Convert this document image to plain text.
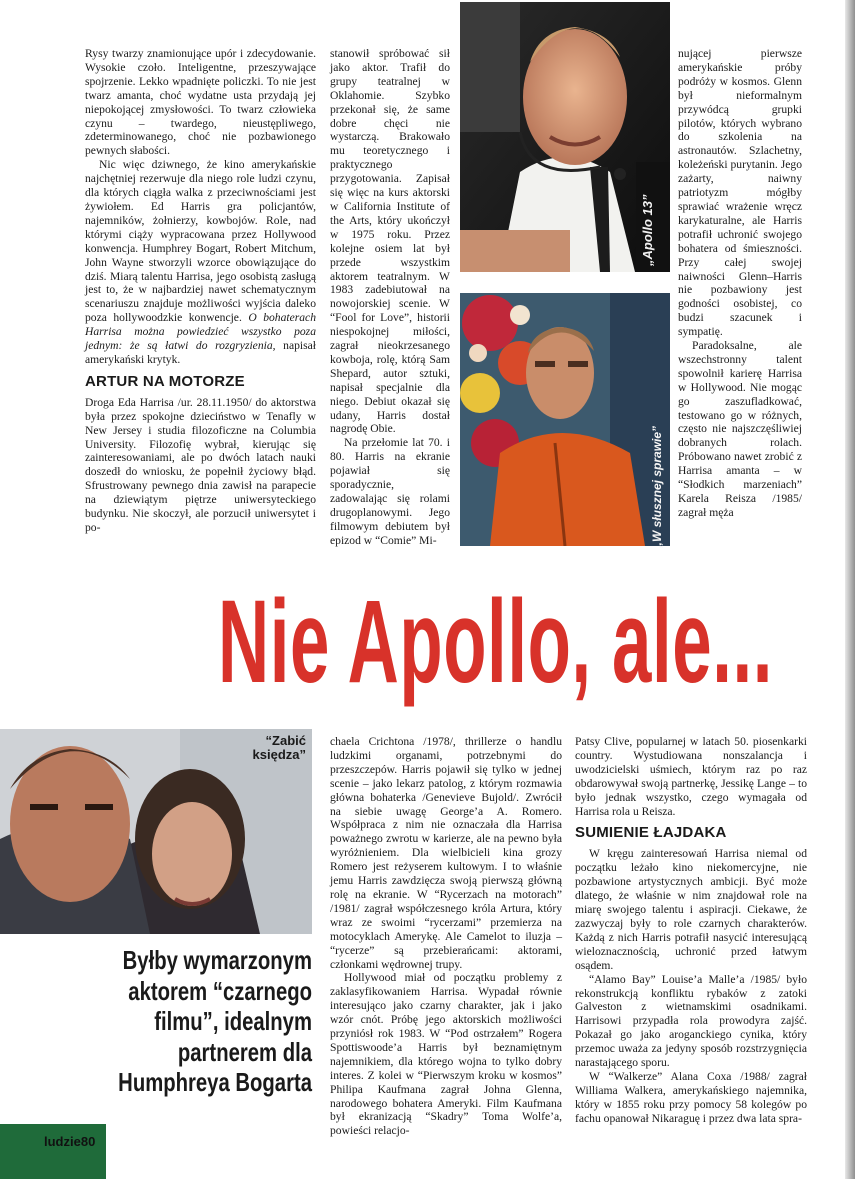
Rysy twarzy znamionujące upór i zdecydowanie. Wysokie czoło. Inteligentne, przeszywające spojrzenie. Lekko wpadnięte policzki. To nie jest twarz amanta, choć wydatne usta przydają jej niepokojącej zmysłowości. To twarz człowieka czynu – twardego, nieustępliwego, zdeterminowanego, choć nie pozbawionego pewnych słabości.

Nic więc dziwnego, że kino amerykańskie najchętniej rezerwuje dla niego role ludzi czynu, dla których ciągła walka z przeciwnościami jest żywiołem. Ed Harris gra policjantów, najemników, żołnierzy, kowbojów. Role, nad którymi ciąży wypracowana przez Hollywood konwencja. Humphrey Bogart, Robert Mitchum, John Wayne stworzyli wzorce obowiązujące do dziś. Miarą talentu Harrisa, jego osobistą zasługą jest to, że w najbardziej nawet schematycznym scenariuszu znajduje możliwości wyjścia daleko poza hollywoodzkie konwencje. O bohaterach Harrisa można powiedzieć wszystko poza jednym: że są łatwi do rozgryzienia, napisał amerykański krytyk.

ARTUR NA MOTORZE

Droga Eda Harrisa /ur. 28.11.1950/ do aktorstwa była przez spokojne dzieciństwo w Tenafly w New Jersey i studia filozoficzne na Columbia University. Filozofię wybrał, kierując się zainteresowaniami, ale po dwóch latach nauki doszedł do wniosku, że popełnił życiowy błąd. Sfrustrowany pewnego dnia zawisł na parapecie na dziewiątym piętrze uniwersyteckiego budynku. Nie skoczył, ale porzucił uniwersytet i po-

stanowił spróbować sił jako aktor. Trafił do grupy teatralnej w Oklahomie. Szybko przekonał się, że same dobre chęci nie wystarczą. Brakowało mu teoretycznego i praktycznego przygotowania. Zapisał się więc na kurs aktorski w California Institute of the Arts, który ukończył w 1975 roku. Przez kolejne osiem lat był przede wszystkim aktorem teatralnym. W 1983 zadebiutował na nowojorskiej scenie. W “Fool for Love”, historii niespokojnej miłości, zagrał nieokrzesanego kowboja, rolę, którą Sam Shepard, autor sztuki, napisał specjalnie dla niego. Debiut okazał się udany, Harris dostał nagrodę Obie.

Na przełomie lat 70. i 80. Harris na ekranie pojawiał się sporadycznie, zadowalając się rolami drugoplanowymi. Jego filmowym debiutem był epizod w “Comie” Mi-

nującej pierwsze amerykańskie próby podróży w kosmos. Glenn był nieformalnym przywódcą grupki pilotów, których wybrano do szkolenia na astronautów. Szlachetny, koleżeński purytanin. Jego zażarty, naiwny patriotyzm mógłby sprawiać wrażenie wręcz karykaturalne, ale Harris potrafił uchronić swojego bohatera od śmieszności. Przy całej swojej naiwności Glenn–Harris nie pozbawiony jest godności osobistej, co budzi szacunek i sympatię.

Paradoksalne, ale wszechstronny talent spowolnił karierę Harrisa w Hollywood. Nie mogąc go zaszufladkować, testowano go w różnych, często nie najszczęśliwiej dobranych rolach. Próbowano nawet zrobić z Harrisa amanta – w “Słodkich marzeniach” Karela Reisza /1985/ zagrał męża

„Apollo 13”
„W słusznej sprawie”
Nie Apollo, ale...
“Zabić
księdza”
Byłby wymarzonym aktorem “czarnego filmu”, idealnym partnerem dla Humphreya Bogarta

chaela Crichtona /1978/, thrillerze o handlu ludzkimi organami, potrzebnymi do przeszczepów. Harris pojawił się tylko w jednej scenie – jako lekarz patolog, z którym rozmawia główna bohaterka /Genevieve Bujold/. Zwrócił na siebie uwagę George’a A. Romero. Współpraca z nim nie oznaczała dla Harrisa poważnego zwrotu w karierze, ale na pewno była wyróżnieniem. Dla wielbicieli kina grozy Romero jest reżyserem kultowym. I to właśnie jemu Harris zawdzięcza swoją pierwszą główną rolę na ekranie. W “Rycerzach na motorach” /1981/ zagrał współczesnego króla Artura, który wraz ze swoimi “rycerzami” przemierza na motocyklach Amerykę. Ale Camelot to iluzja – “rycerze” są przebierańcami: aktorami, członkami wędrownej trupy.

Hollywood miał od początku problemy z zaklasyfikowaniem Harrisa. Wypadał równie interesująco jako czarny charakter, jak i jako wzór cnót. Próbę jego aktorskich możliwości przyniósł rok 1983. W “Pod ostrzałem” Rogera Spottiswoode’a Harris był beznamiętnym najemnikiem, dla którego wojna to tylko dobry interes. Z kolei w “Pierwszym kroku w kosmos” Philipa Kaufmana zagrał Johna Glenna, narodowego bohatera Ameryki. Film Kaufmana był ekranizacją “Skadry” Toma Wolfe’a, powieści relacjo-

Patsy Clive, popularnej w latach 50. piosenkarki country. Wystudiowana nonszalancja i uwodzicielski uśmiech, którym raz po raz obdarowywał swoją partnerkę, Jessikę Lange – to było jednak wszystko, czego wymagała od Harrisa rola u Reisza.

SUMIENIE ŁAJDAKA

W kręgu zainteresowań Harrisa niemal od początku leżało kino niekomercyjne, nie pozbawione artystycznych ambicji. Być może dlatego, że właśnie w nim znajdował role na miarę swojego talentu i aspiracji. Ciekawe, że zazwyczaj były to role czarnych charakterów. Każdą z nich Harris potrafił nasycić interesującą wieloznacznością, uchronić przed łatwym osądem.

“Alamo Bay” Louise’a Malle’a /1985/ było rekonstrukcją konfliktu rybaków z zatoki Galveston z wietnamskimi osadnikami. Harrisowi przypadła rola prowodyra zajść. Pokazał go jako aroganckiego cynika, który przemoc uważa za jedyny sposób rozstrzygnięcia narastającego sporu.

W “Walkerze” Alana Coxa /1988/ zagrał Williama Walkera, amerykańskiego najemnika, który w 1855 roku przy pomocy 58 kolegów po fachu opanował Nikaraguę i przez dwa lata spra-

ludzie80
